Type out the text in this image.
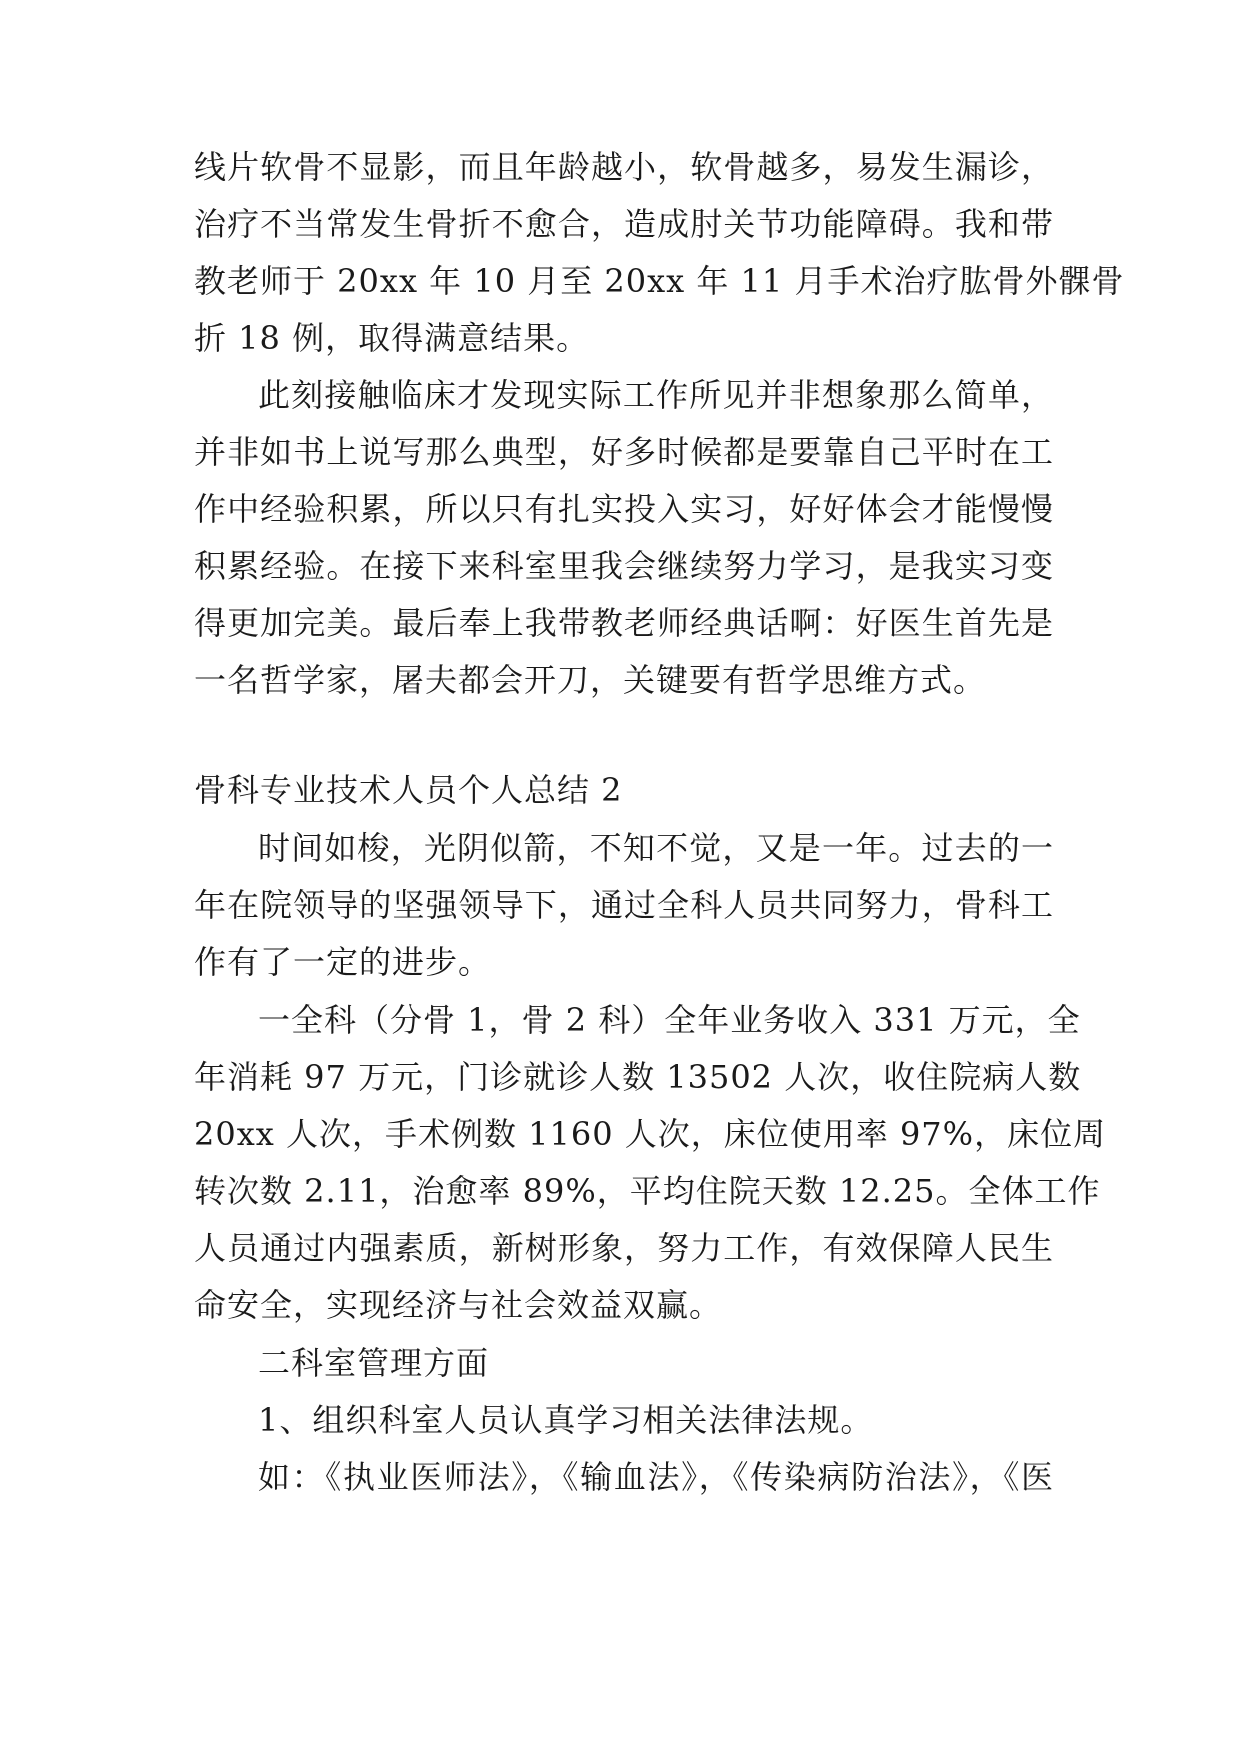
线片软骨不显影，而且年龄越小，软骨越多，易发生漏诊，
治疗不当常发生骨折不愈合，造成肘关节功能障碍。我和带
教老师于 20xx 年 10 月至 20xx 年 11 月手术治疗肱骨外髁骨
折 18 例，取得满意结果。
此刻接触临床才发现实际工作所见并非想象那么简单，
并非如书上说写那么典型，好多时候都是要靠自己平时在工
作中经验积累，所以只有扎实投入实习，好好体会才能慢慢
积累经验。在接下来科室里我会继续努力学习，是我实习变
得更加完美。最后奉上我带教老师经典话啊：好医生首先是
一名哲学家，屠夫都会开刀，关键要有哲学思维方式。
骨科专业技术人员个人总结 2
时间如梭，光阴似箭，不知不觉，又是一年。过去的一
年在院领导的坚强领导下，通过全科人员共同努力，骨科工
作有了一定的进步。
一全科（分骨 1，骨 2 科）全年业务收入 331 万元，全
年消耗 97 万元，门诊就诊人数 13502 人次，收住院病人数
20xx 人次，手术例数 1160 人次，床位使用率 97%，床位周
转次数 2.11，治愈率 89%，平均住院天数 12.25。全体工作
人员通过内强素质，新树形象，努力工作，有效保障人民生
命安全，实现经济与社会效益双赢。
二科室管理方面
1、组织科室人员认真学习相关法律法规。
如：《执业医师法》，《输血法》，《传染病防治法》，《医
